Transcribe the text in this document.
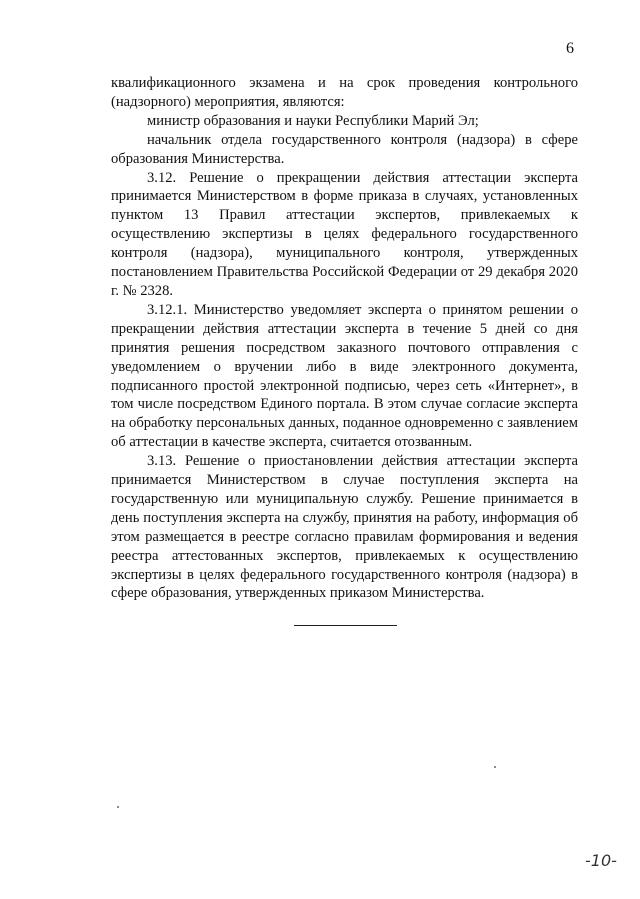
6

квалификационного экзамена и на срок проведения контрольного (надзорного) мероприятия, являются:

министр образования и науки Республики Марий Эл;

начальник отдела государственного контроля (надзора) в сфере образования Министерства.

3.12. Решение о прекращении действия аттестации эксперта принимается Министерством в форме приказа в случаях, установленных пунктом 13 Правил аттестации экспертов, привлекаемых к осуществлению экспертизы в целях федерального государственного контроля (надзора), муниципального контроля, утвержденных постановлением Правительства Российской Федерации от 29 декабря 2020 г. № 2328.

3.12.1. Министерство уведомляет эксперта о принятом решении о прекращении действия аттестации эксперта в течение 5 дней со дня принятия решения посредством заказного почтового отправления с уведомлением о вручении либо в виде электронного документа, подписанного простой электронной подписью, через сеть «Интернет», в том числе посредством Единого портала. В этом случае согласие эксперта на обработку персональных данных, поданное одновременно с заявлением об аттестации в качестве эксперта, считается отозванным.

3.13. Решение о приостановлении действия аттестации эксперта принимается Министерством в случае поступления эксперта на государственную или муниципальную службу. Решение принимается в день поступления эксперта на службу, принятия на работу, информация об этом размещается в реестре согласно правилам формирования и ведения реестра аттестованных экспертов, привлекаемых к осуществлению экспертизы в целях федерального государственного контроля (надзора) в сфере образования, утвержденных приказом Министерства.

-10-
